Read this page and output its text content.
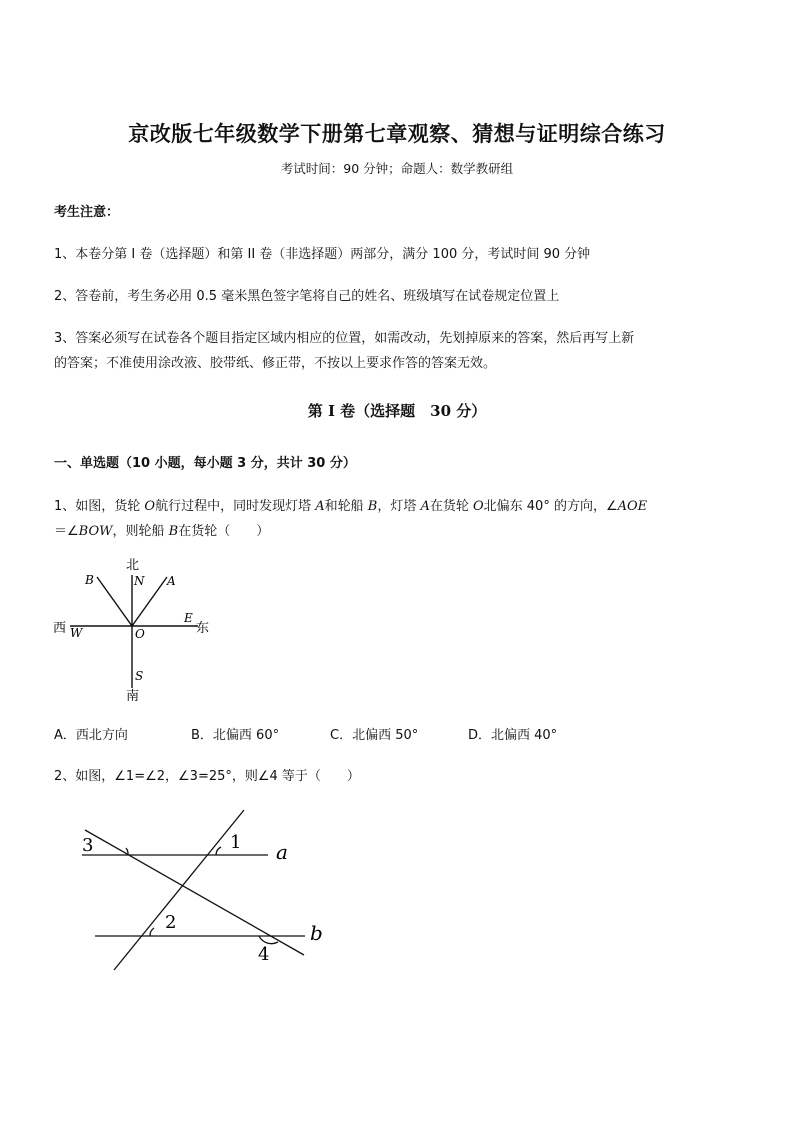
京改版七年级数学下册第七章观察、猜想与证明综合练习
考试时间：90 分钟；命题人：数学教研组
考生注意：
1、本卷分第 I 卷（选择题）和第 II 卷（非选择题）两部分，满分 100 分，考试时间 90 分钟
2、答卷前，考生务必用 0.5 毫米黑色签字笔将自己的姓名、班级填写在试卷规定位置上
3、答案必须写在试卷各个题目指定区域内相应的位置，如需改动，先划掉原来的答案，然后再写上新
的答案；不准使用涂改液、胶带纸、修正带，不按以上要求作答的答案无效。
第 I 卷（选择题　30 分）
一、单选题（10 小题，每小题 3 分，共计 30 分）
1、如图，货轮 O航行过程中，同时发现灯塔 A和轮船 B，灯塔 A在货轮 O北偏东 40° 的方向，∠AOE
＝∠BOW，则轮船 B在货轮（　　）
北
N
B	A
西 W	O
E
东
S
南
A．西北方向	B．北偏西 60°	C．北偏西 50°	D．北偏西 40°
2、如图，∠1=∠2，∠3=25°，则∠4 等于（　　）
3	1
2
4
a
b
